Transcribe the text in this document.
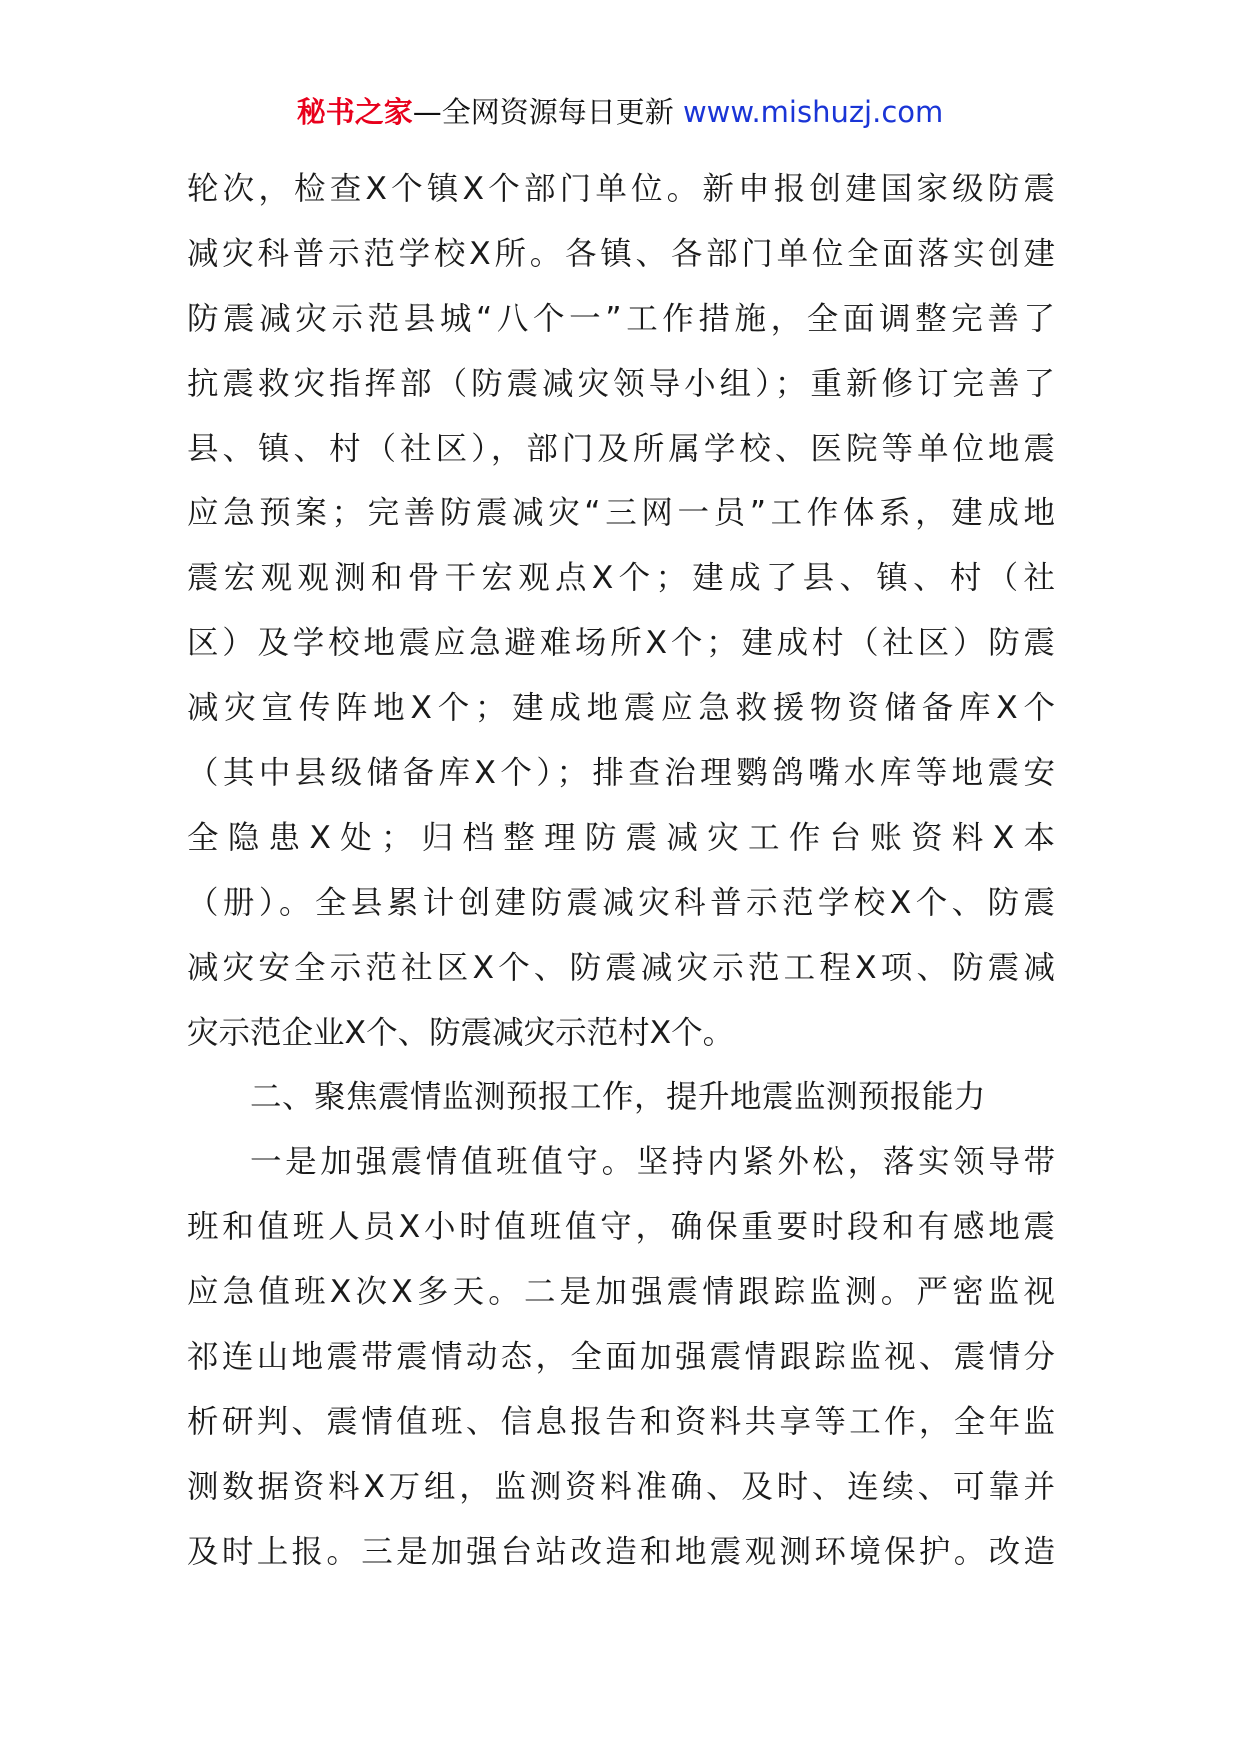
秘书之家—全网资源每日更新 www.mishuzj.com
轮次，检查X个镇X个部门单位。新申报创建国家级防震
减灾科普示范学校X所。各镇、各部门单位全面落实创建
防震减灾示范县城“八个一”工作措施，全面调整完善了
抗震救灾指挥部（防震减灾领导小组）；重新修订完善了
县、镇、村（社区），部门及所属学校、医院等单位地震
应急预案；完善防震减灾“三网一员”工作体系，建成地
震宏观观测和骨干宏观点X个；建成了县、镇、村（社
区）及学校地震应急避难场所X个；建成村（社区）防震
减灾宣传阵地X个；建成地震应急救援物资储备库X个
（其中县级储备库X个）；排查治理鹦鸽嘴水库等地震安
全隐患X处；归档整理防震减灾工作台账资料X本
（册）。全县累计创建防震减灾科普示范学校X个、防震
减灾安全示范社区X个、防震减灾示范工程X项、防震减
灾示范企业X个、防震减灾示范村X个。
二、聚焦震情监测预报工作，提升地震监测预报能力
一是加强震情值班值守。坚持内紧外松，落实领导带
班和值班人员X小时值班值守，确保重要时段和有感地震
应急值班X次X多天。二是加强震情跟踪监测。严密监视
祁连山地震带震情动态，全面加强震情跟踪监视、震情分
析研判、震情值班、信息报告和资料共享等工作，全年监
测数据资料X万组，监测资料准确、及时、连续、可靠并
及时上报。三是加强台站改造和地震观测环境保护。改造
